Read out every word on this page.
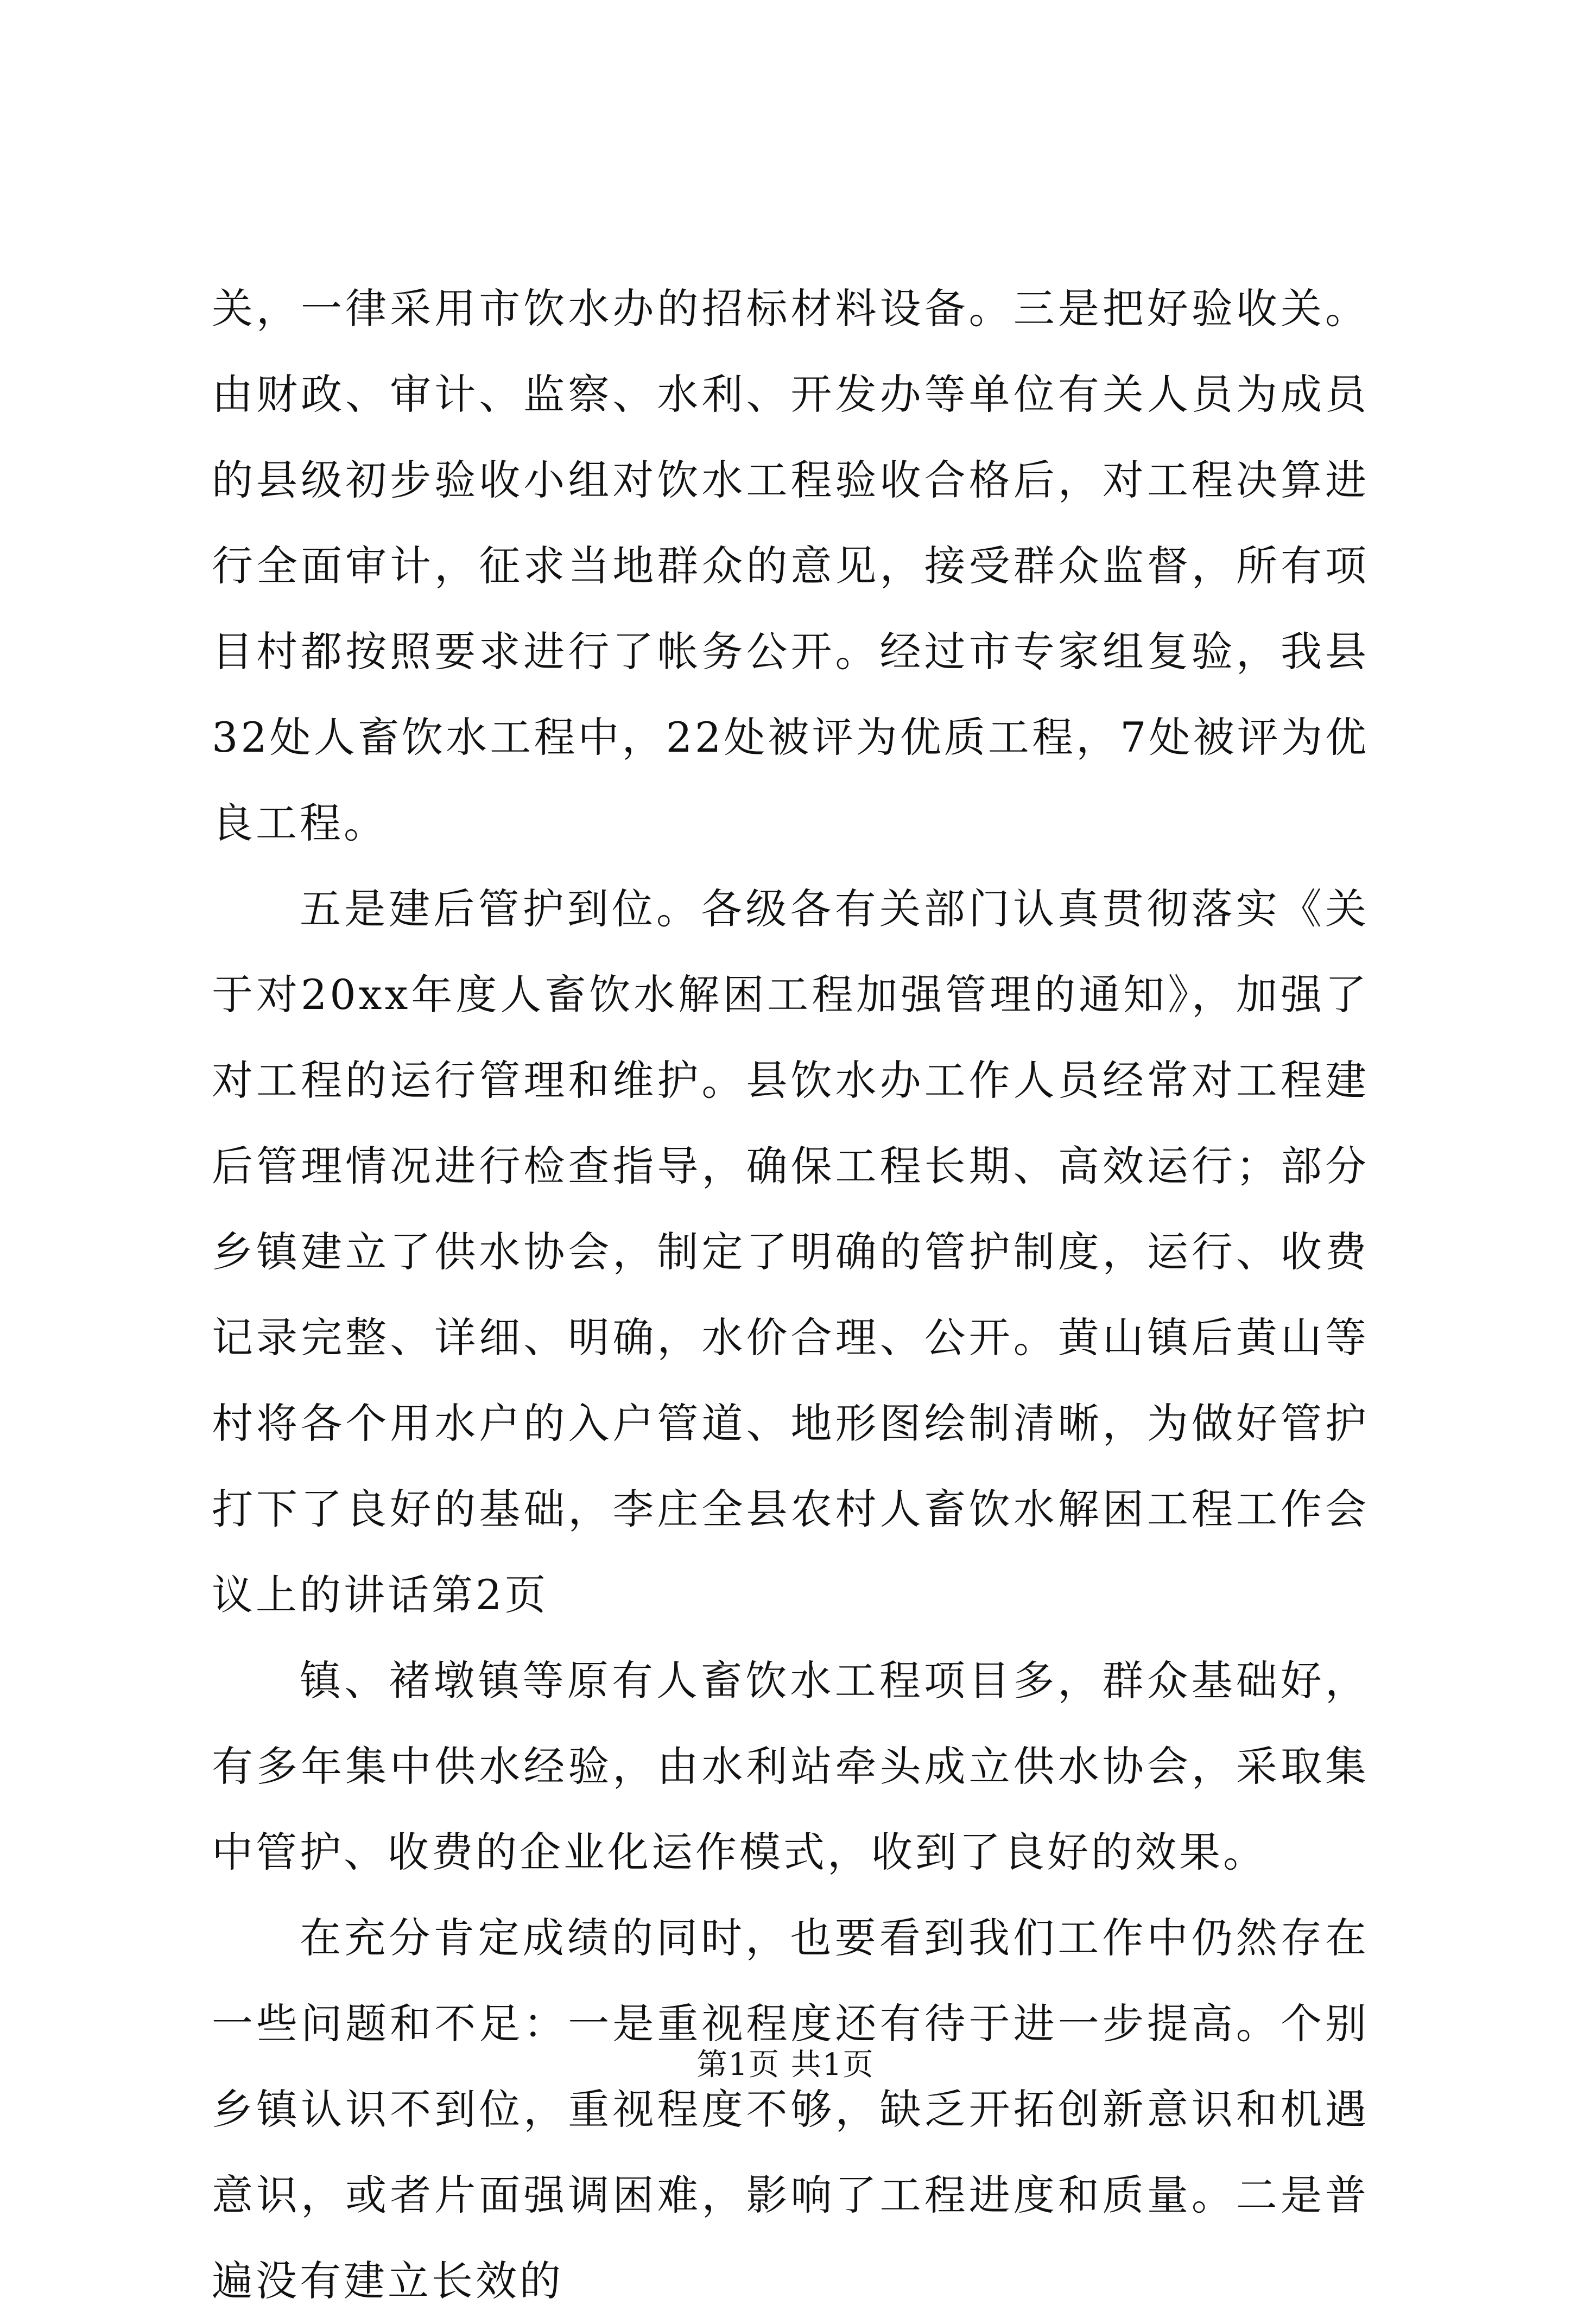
关，一律采用市饮水办的招标材料设备。三是把好验收关。由财政、审计、监察、水利、开发办等单位有关人员为成员的县级初步验收小组对饮水工程验收合格后，对工程决算进行全面审计，征求当地群众的意见，接受群众监督，所有项目村都按照要求进行了帐务公开。经过市专家组复验，我县32处人畜饮水工程中，22处被评为优质工程，7处被评为优良工程。

五是建后管护到位。各级各有关部门认真贯彻落实《关于对20xx年度人畜饮水解困工程加强管理的通知》，加强了对工程的运行管理和维护。县饮水办工作人员经常对工程建后管理情况进行检查指导，确保工程长期、高效运行；部分乡镇建立了供水协会，制定了明确的管护制度，运行、收费记录完整、详细、明确，水价合理、公开。黄山镇后黄山等村将各个用水户的入户管道、地形图绘制清晰，为做好管护打下了良好的基础，李庄全县农村人畜饮水解困工程工作会议上的讲话第2页

镇、褚墩镇等原有人畜饮水工程项目多，群众基础好，有多年集中供水经验，由水利站牵头成立供水协会，采取集中管护、收费的企业化运作模式，收到了良好的效果。

在充分肯定成绩的同时，也要看到我们工作中仍然存在一些问题和不足：一是重视程度还有待于进一步提高。个别乡镇认识不到位，重视程度不够，缺乏开拓创新意识和机遇意识，或者片面强调困难，影响了工程进度和质量。二是普遍没有建立长效的

第1页 共1页
